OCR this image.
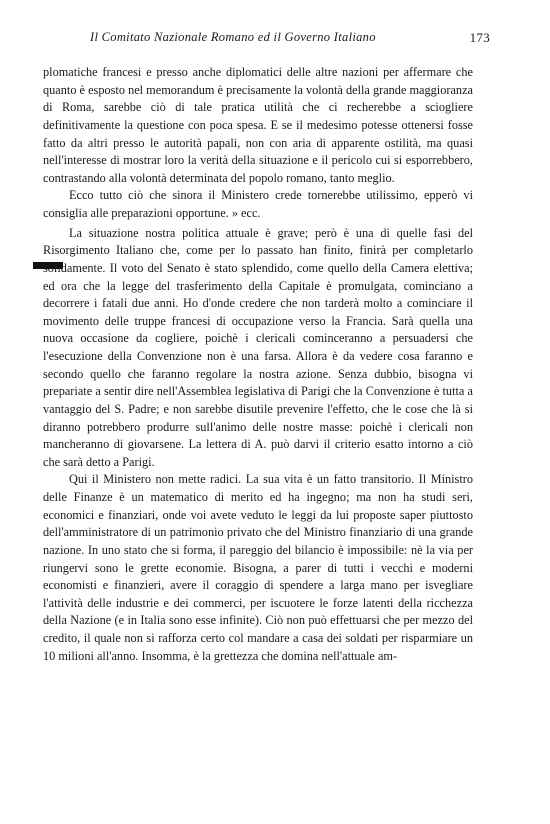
Il Comitato Nazionale Romano ed il Governo Italiano	173

plomatiche francesi e presso anche diplomatici delle altre nazioni per affermare che quanto è esposto nel memorandum è precisamente la volontà della grande maggioranza di Roma, sarebbe ciò di tale pratica utilità che ci recherebbe a sciogliere definitivamente la questione con poca spesa. E se il medesimo potesse ottenersi fosse fatto da altri presso le autorità papali, non con aria di apparente ostilità, ma quasi nell'interesse di mostrar loro la verità della situazione e il pericolo cui si esporrebbero, contrastando alla volontà determinata del popolo romano, tanto meglio.

Ecco tutto ciò che sinora il Ministero crede tornerebbe utilissimo, epperò vi consiglia alle preparazioni opportune. » ecc.

La situazione nostra politica attuale è grave; però è una di quelle fasi del Risorgimento Italiano che, come per lo passato han finito, finirà per completarlo solidamente. Il voto del Senato è stato splendido, come quello della Camera elettiva; ed ora che la legge del trasferimento della Capitale è promulgata, cominciano a decorrere i fatali due anni. Ho d'onde credere che non tarderà molto a cominciare il movimento delle truppe francesi di occupazione verso la Francia. Sarà quella una nuova occasione da cogliere, poichè i clericali cominceranno a persuadersi che l'esecuzione della Convenzione non è una farsa. Allora è da vedere cosa faranno e secondo quello che faranno regolare la nostra azione. Senza dubbio, bisogna vi prepariate a sentir dire nell'Assemblea legislativa di Parigi che la Convenzione è tutta a vantaggio del S. Padre; e non sarebbe disutile prevenire l'effetto, che le cose che là si diranno potrebbero produrre sull'animo delle nostre masse: poichè i clericali non mancheranno di giovarsene. La lettera di A. può darvi il criterio esatto intorno a ciò che sarà detto a Parigi.

Qui il Ministero non mette radici. La sua vita è un fatto transitorio. Il Ministro delle Finanze è un matematico di merito ed ha ingegno; ma non ha studi seri, economici e finanziari, onde voi avete veduto le leggi da lui proposte saper piuttosto dell'amministratore di un patrimonio privato che del Ministro finanziario di una grande nazione. In uno stato che si forma, il pareggio del bilancio è impossibile: nè la via per riungervi sono le grette economie. Bisogna, a parer di tutti i vecchi e moderni economisti e finanzieri, avere il coraggio di spendere a larga mano per isvegliare l'attività delle industrie e dei commerci, per iscuotere le forze latenti della ricchezza della Nazione (e in Italia sono esse infinite). Ciò non può effettuarsi che per mezzo del credito, il quale non si rafforza certo col mandare a casa dei soldati per risparmiare un 10 milioni all'anno. Insomma, è la grettezza che domina nell'attuale am-
